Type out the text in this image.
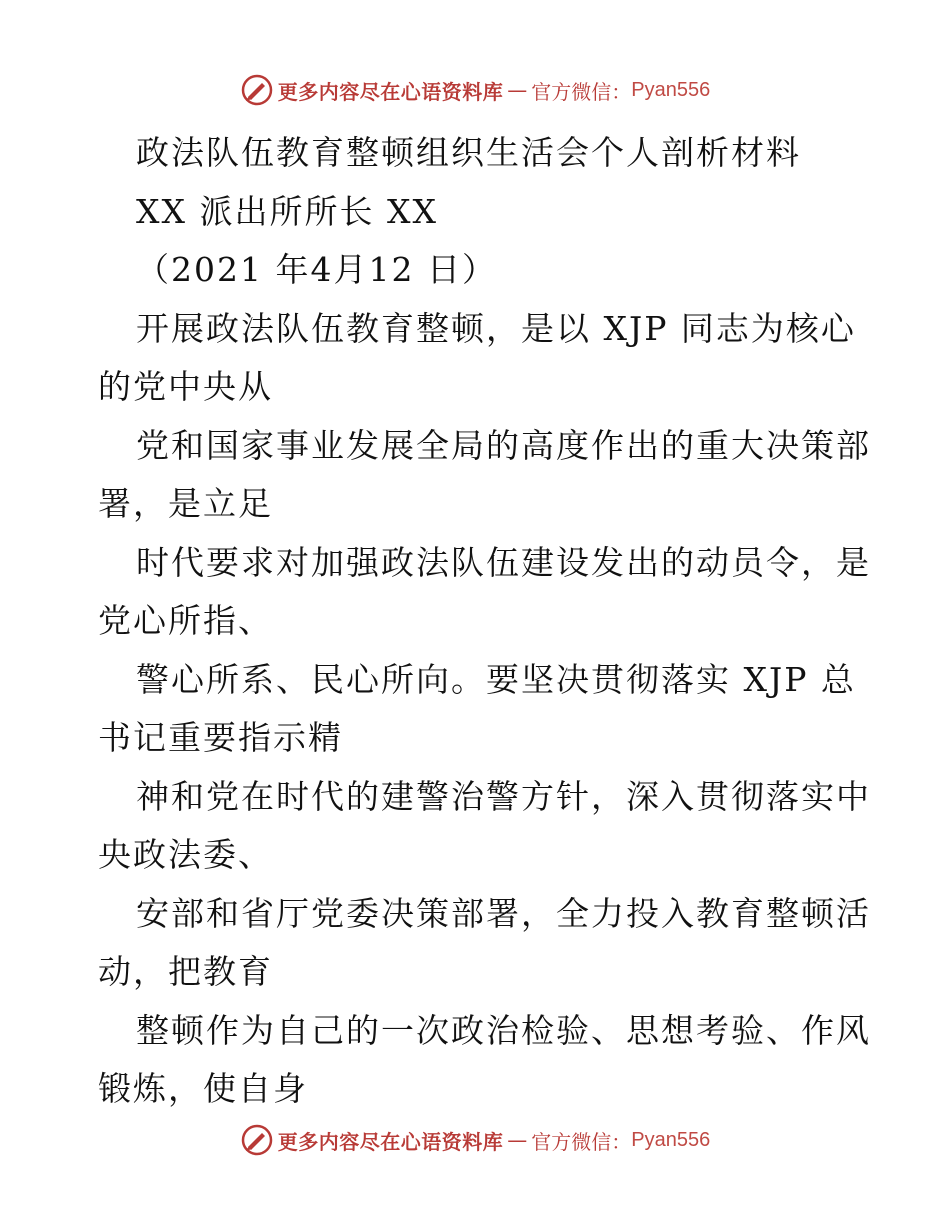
更多内容尽在心语资料库 — 官方微信： Pyan556
政法队伍教育整顿组织生活会个人剖析材料
XX 派出所所长 XX
（2021 年4月12 日）
开展政法队伍教育整顿，是以 XJP 同志为核心
的党中央从
党和国家事业发展全局的高度作出的重大决策部
署，是立足
时代要求对加强政法队伍建设发出的动员令，是
党心所指、
警心所系、民心所向。要坚决贯彻落实 XJP 总
书记重要指示精
神和党在时代的建警治警方针，深入贯彻落实中
央政法委、
安部和省厅党委决策部署，全力投入教育整顿活
动，把教育
整顿作为自己的一次政治检验、思想考验、作风
锻炼，使自身
更多内容尽在心语资料库 — 官方微信： Pyan556
